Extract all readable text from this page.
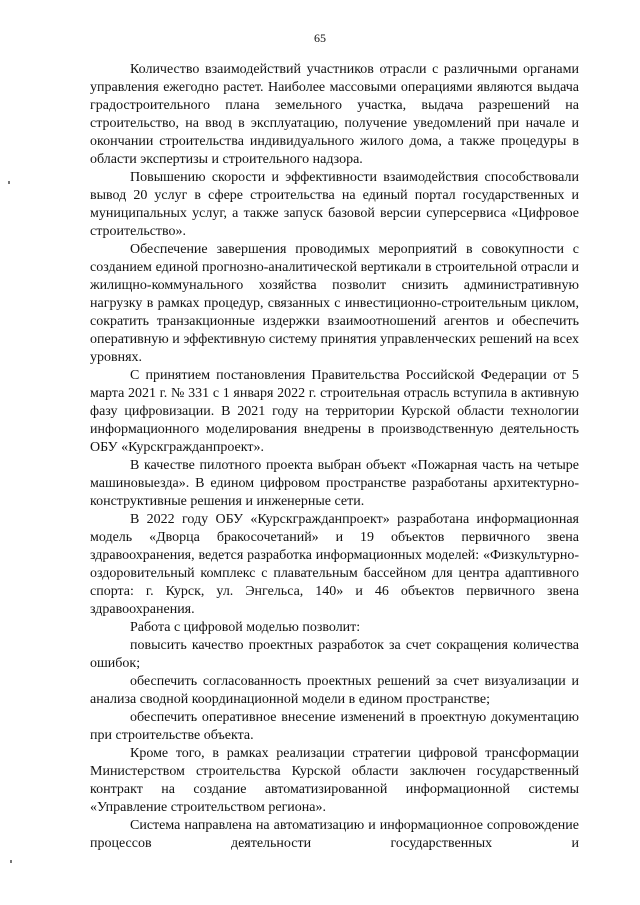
65

Количество взаимодействий участников отрасли с различными органами управления ежегодно растет. Наиболее массовыми операциями являются выдача градостроительного плана земельного участка, выдача разрешений на строительство, на ввод в эксплуатацию, получение уведомлений при начале и окончании строительства индивидуального жилого дома, а также процедуры в области экспертизы и строительного надзора.

Повышению скорости и эффективности взаимодействия способствовали вывод 20 услуг в сфере строительства на единый портал государственных и муниципальных услуг, а также запуск базовой версии суперсервиса «Цифровое строительство».

Обеспечение завершения проводимых мероприятий в совокупности с созданием единой прогнозно-аналитической вертикали в строительной отрасли и жилищно-коммунального хозяйства позволит снизить административную нагрузку в рамках процедур, связанных с инвестиционно-строительным циклом, сократить транзакционные издержки взаимоотношений агентов и обеспечить оперативную и эффективную систему принятия управленческих решений на всех уровнях.

С принятием постановления Правительства Российской Федерации от 5 марта 2021 г. № 331 с 1 января 2022 г. строительная отрасль вступила в активную фазу цифровизации. В 2021 году на территории Курской области технологии информационного моделирования внедрены в производственную деятельность ОБУ «Курскгражданпроект».

В качестве пилотного проекта выбран объект «Пожарная часть на четыре машиновыезда». В едином цифровом пространстве разработаны архитектурно-конструктивные решения и инженерные сети.

В 2022 году ОБУ «Курскгражданпроект» разработана информационная модель «Дворца бракосочетаний» и 19 объектов первичного звена здравоохранения, ведется разработка информационных моделей: «Физкультурно-оздоровительный комплекс с плавательным бассейном для центра адаптивного спорта: г. Курск, ул. Энгельса, 140» и 46 объектов первичного звена здравоохранения.

Работа с цифровой моделью позволит:

повысить качество проектных разработок за счет сокращения количества ошибок;

обеспечить согласованность проектных решений за счет визуализации и анализа сводной координационной модели в едином пространстве;

обеспечить оперативное внесение изменений в проектную документацию при строительстве объекта.

Кроме того, в рамках реализации стратегии цифровой трансформации Министерством строительства Курской области заключен государственный контракт на создание автоматизированной информационной системы «Управление строительством региона».

Система направлена на автоматизацию и информационное сопровождение процессов деятельности государственных и
